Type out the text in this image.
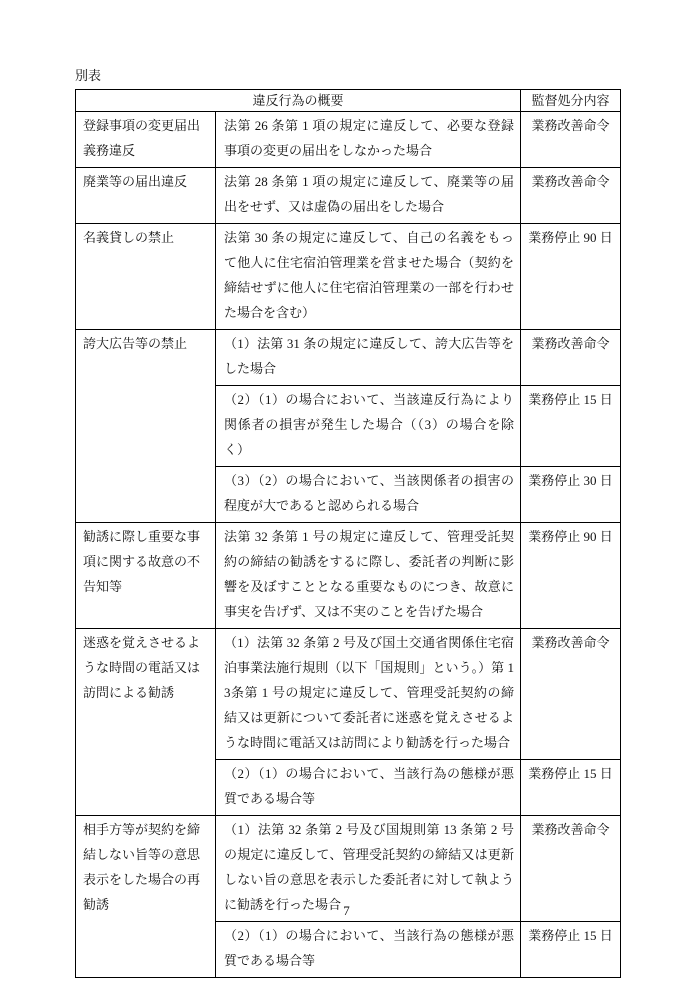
別表
違反行為の概要		監督処分内容
登録事項の変更届出義務違反	法第 26 条第 1 項の規定に違反して、必要な登録事項の変更の届出をしなかった場合	業務改善命令
廃業等の届出違反	法第 28 条第 1 項の規定に違反して、廃業等の届出をせず、又は虚偽の届出をした場合	業務改善命令
名義貸しの禁止	法第 30 条の規定に違反して、自己の名義をもって他人に住宅宿泊管理業を営ませた場合（契約を締結せずに他人に住宅宿泊管理業の一部を行わせた場合を含む）	業務停止 90 日
誇大広告等の禁止	（1）法第 31 条の規定に違反して、誇大広告等をした場合	業務改善命令
	（2）（1）の場合において、当該違反行為により関係者の損害が発生した場合（（3）の場合を除く）	業務停止 15 日
	（3）（2）の場合において、当該関係者の損害の程度が大であると認められる場合	業務停止 30 日
勧誘に際し重要な事項に関する故意の不告知等	法第 32 条第 1 号の規定に違反して、管理受託契約の締結の勧誘をするに際し、委託者の判断に影響を及ぼすこととなる重要なものにつき、故意に事実を告げず、又は不実のことを告げた場合	業務停止 90 日
迷惑を覚えさせるような時間の電話又は訪問による勧誘	（1）法第 32 条第 2 号及び国土交通省関係住宅宿泊事業法施行規則（以下「国規則」という。）第 13条第 1 号の規定に違反して、管理受託契約の締結又は更新について委託者に迷惑を覚えさせるような時間に電話又は訪問により勧誘を行った場合	業務改善命令
	（2）（1）の場合において、当該行為の態様が悪質である場合等	業務停止 15 日
相手方等が契約を締結しない旨等の意思表示をした場合の再勧誘	（1）法第 32 条第 2 号及び国規則第 13 条第 2 号の規定に違反して、管理受託契約の締結又は更新しない旨の意思を表示した委託者に対して執ように勧誘を行った場合	業務改善命令
	（2）（1）の場合において、当該行為の態様が悪質である場合等	業務停止 15 日
7
